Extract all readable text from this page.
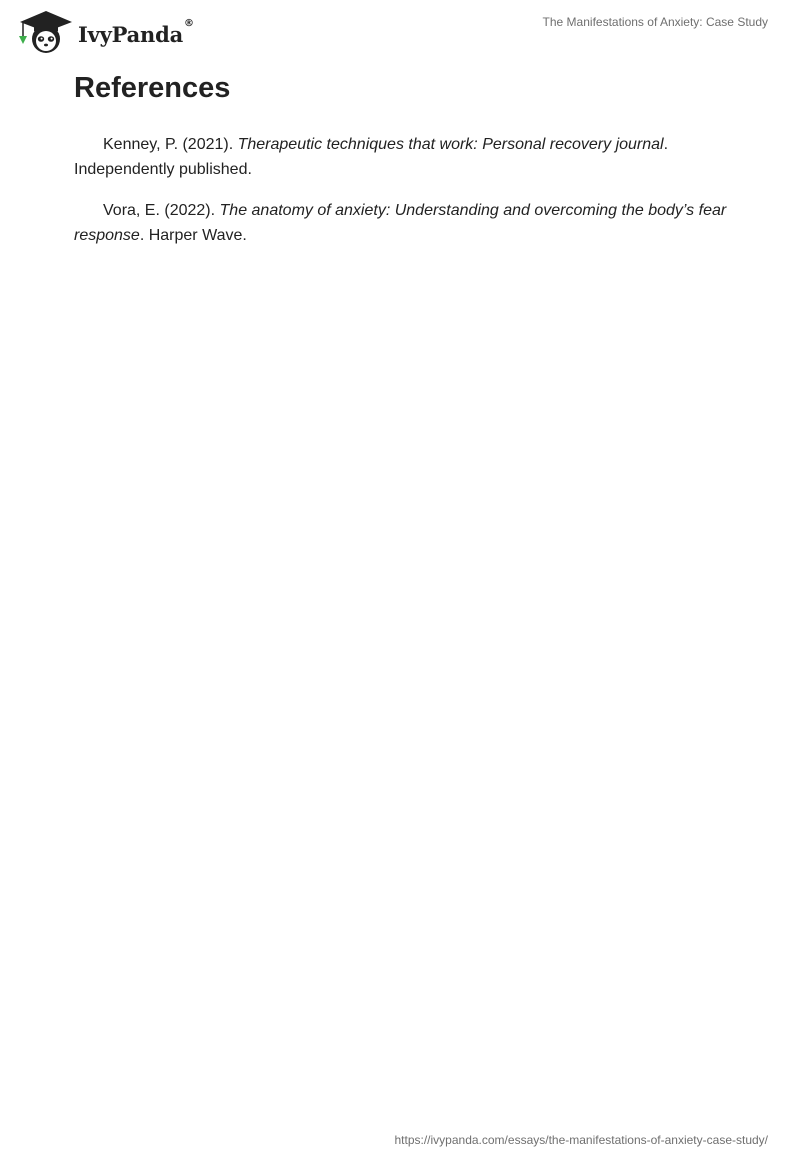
IvyPanda®	The Manifestations of Anxiety: Case Study
References

Kenney, P. (2021). Therapeutic techniques that work: Personal recovery journal. Independently published.

Vora, E. (2022). The anatomy of anxiety: Understanding and overcoming the body’s fear response. Harper Wave.

https://ivypanda.com/essays/the-manifestations-of-anxiety-case-study/
